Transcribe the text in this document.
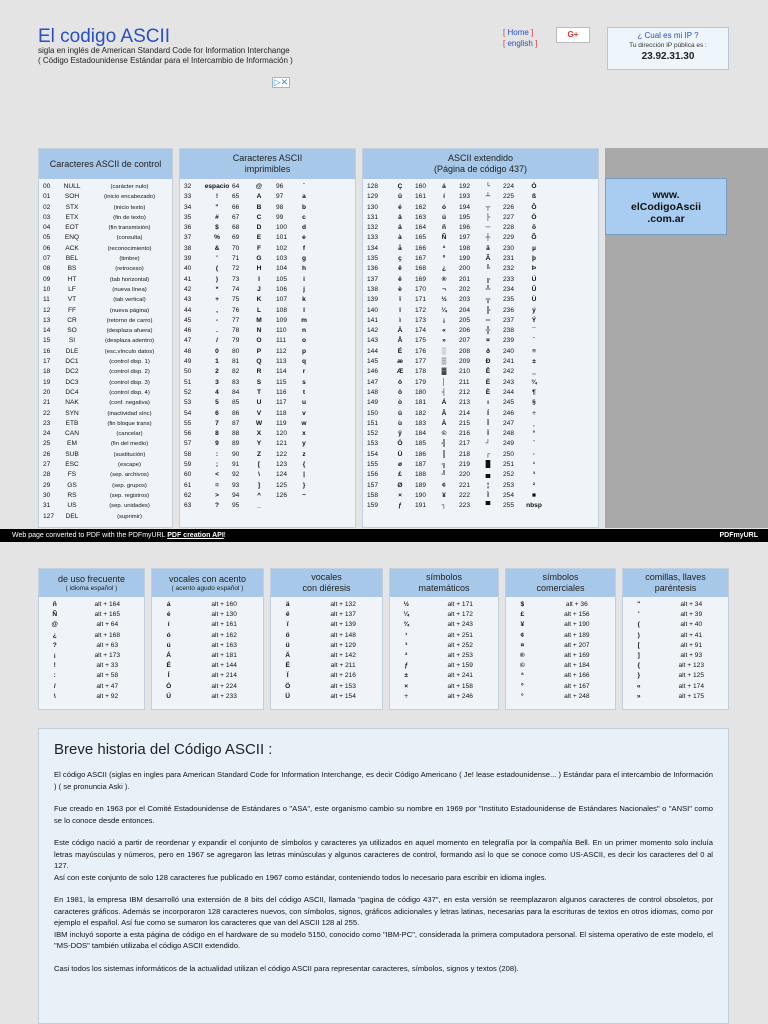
El codigo ASCII
sigla en inglés de American Standard Code for Information Interchange
( Código Estadounidense Estándar para el Intercambio de Información )
▷✕
[ Home ]
[ english ]
G+	¿ Cual es mi IP ?
Tu dirección IP pública es :
23.92.31.30
Caracteres ASCII de control
00	NULL	(carácter nulo)
01	SOH	(inicio encabezado)
02	STX	(inicio texto)
03	ETX	(fin de texto)
04	EOT	(fin transmisión)
05	ENQ	(consulta)
06	ACK	(reconocimiento)
07	BEL	(timbre)
08	BS	(retroceso)
09	HT	(tab horizontal)
10	LF	(nueva línea)
11	VT	(tab vertical)
12	FF	(nueva página)
13	CR	(retorno de carro)
14	SO	(desplaza afuera)
15	SI	(desplaza adentro)
16	DLE	(esc.vínculo datos)
17	DC1	(control disp. 1)
18	DC2	(control disp. 2)
19	DC3	(control disp. 3)
20	DC4	(control disp. 4)
21	NAK	(conf. negativa)
22	SYN	(inactividad sínc)
23	ETB	(fin bloque trans)
24	CAN	(cancelar)
25	EM	(fin del medio)
26	SUB	(sustitución)
27	ESC	(escape)
28	FS	(sep. archivos)
29	GS	(sep. grupos)
30	RS	(sep. registros)
31	US	(sep. unidades)
127	DEL	(suprimir)
Caracteres ASCII imprimibles
32	espacio 64	@	96	`
33	!	65	A	97	a
34	"	66	B	98	b
35	#	67	C	99	c
36	$	68	D	100	d
37	%	69	E	101	e
38	&	70	F	102	f
39	'	71	G	103	g
40	(	72	H	104	h
41	)	73	I	105	i
42	*	74	J	106	j
43	+	75	K	107	k
44	,	76	L	108	l
45	-	77	M	109	m
46	.	78	N	110	n
47	/	79	O	111	o
48	0	80	P	112	p
49	1	81	Q	113	q
50	2	82	R	114	r
51	3	83	S	115	s
52	4	84	T	116	t
53	5	85	U	117	u
54	6	86	V	118	v
55	7	87	W	119	w
56	8	88	X	120	x
57	9	89	Y	121	y
58	:	90	Z	122	z
59	;	91	[	123	{
60	<	92	\	124	|
61	=	93	]	125	}
62	>	94	^	126	~
63	?	95	_
ASCII extendido
(Página de código 437)
128	Ç	160	á	192	└	224	Ó
129	ü	161	í	193	┴	225	ß
130	é	162	ó	194	┬	226	Ô
131	â	163	ú	195	├	227	Ò
132	ä	164	ñ	196	─	228	õ
133	à	165	Ñ	197	┼	229	Õ
134	å	166	ª	198	ã	230	µ
135	ç	167	º	199	Ã	231	þ
136	ê	168	¿	200	╚	232	Þ
137	ë	169	®	201	╔	233	Ú
138	è	170	¬	202	╩	234	Û
139	ï	171	½	203	╦	235	Ù
140	î	172	¼	204	╠	236	ý
141	ì	173	¡	205	═	237	Ý
142	Ä	174	«	206	╬	238	¯
143	Å	175	»	207	¤	239	´
144	É	176	░	208	ð	240	≡
145	æ	177	▒	209	Ð	241	±
146	Æ	178	▓	210	Ê	242	‗
147	ô	179	│	211	Ë	243	¾
148	ö	180	┤	212	È	244	¶
149	ò	181	Á	213	ı	245	§
150	û	182	Â	214	Í	246	÷
151	ù	183	À	215	Î	247	¸
152	ÿ	184	©	216	Ï	248	°
153	Ö	185	╣	217	┘	249	¨
154	Ü	186	║	218	┌	250	·
155	ø	187	╗	219	█	251	¹
156	£	188	╝	220	▄	252	³
157	Ø	189	¢	221	¦	253	²
158	×	190	¥	222	Ì	254	■
159	ƒ	191	┐	223	▀	255	nbsp
www.
elCodigoAscii
.com.ar
Web page converted to PDF with the PDFmyURL PDF creation API!	PDFmyURL
de uso frecuente
( idioma español )
ñ	alt + 164
Ñ	alt + 165
@	alt + 64
¿	alt + 168
?	alt + 63
¡	alt + 173
!	alt + 33
:	alt + 58
/	alt + 47
\	alt + 92
vocales con acento
( acento agudo español )
á	alt + 160
é	alt + 130
í	alt + 161
ó	alt + 162
ú	alt + 163
Á	alt + 181
É	alt + 144
Í	alt + 214
Ó	alt + 224
Ú	alt + 233
vocales
con diéresis
ä	alt + 132
ë	alt + 137
ï	alt + 139
ö	alt + 148
ü	alt + 129
Ä	alt + 142
Ë	alt + 211
Ï	alt + 216
Ö	alt + 153
Ü	alt + 154
símbolos
matemáticos
½	alt + 171
¼	alt + 172
¾	alt + 243
¹	alt + 251
³	alt + 252
²	alt + 253
ƒ	alt + 159
±	alt + 241
×	alt + 158
÷	alt + 246
símbolos
comerciales
$	alt + 36
£	alt + 156
¥	alt + 190
¢	alt + 189
¤	alt + 207
®	alt + 169
©	alt + 184
ª	alt + 166
º	alt + 167
°	alt + 248
comillas, llaves
paréntesis
"	alt + 34
'	alt + 39
(	alt + 40
)	alt + 41
[	alt + 91
]	alt + 93
{	alt + 123
}	alt + 125
«	alt + 174
»	alt + 175
Breve historia del Código ASCII :

El código ASCII (siglas en ingles para American Standard Code for Information Interchange, es decir Código Americano ( Je! lease estadounidense... ) Estándar para el intercambio de Información ) ( se pronuncia Aski ).

Fue creado en 1963 por el Comité Estadounidense de Estándares o "ASA", este organismo cambio su nombre en 1969 por "Instituto Estadounidense de Estándares Nacionales" o "ANSI" como se lo conoce desde entonces.

Este código nació a partir de reordenar y expandir el conjunto de símbolos y caracteres ya utilizados en aquel momento en telegrafía por la compañía Bell. En un primer momento solo incluía letras mayúsculas y números, pero en 1967 se agregaron las letras minúsculas y algunos caracteres de control, formando así lo que se conoce como US-ASCII, es decir los caracteres del 0 al 127.

Así con este conjunto de solo 128 caracteres fue publicado en 1967 como estándar, conteniendo todos lo necesario para escribir en idioma ingles.

En 1981, la empresa IBM desarrolló una extensión de 8 bits del código ASCII, llamada "pagina de código 437", en esta versión se reemplazaron algunos caracteres de control obsoletos, por caracteres gráficos. Además se incorporaron 128 caracteres nuevos, con símbolos, signos, gráficos adicionales y letras latinas, necesarias para la escrituras de textos en otros idiomas, como por ejemplo el español. Así fue como se sumaron los caracteres que van del ASCII 128 al 255.

IBM incluyó soporte a esta página de código en el hardware de su modelo 5150, conocido como "IBM-PC", considerada la primera computadora personal. El sistema operativo de este modelo, el "MS-DOS" también utilizaba el código ASCII extendido.

Casi todos los sistemas informáticos de la actualidad utilizan el código ASCII para representar caracteres, símbolos, signos y textos (208).
